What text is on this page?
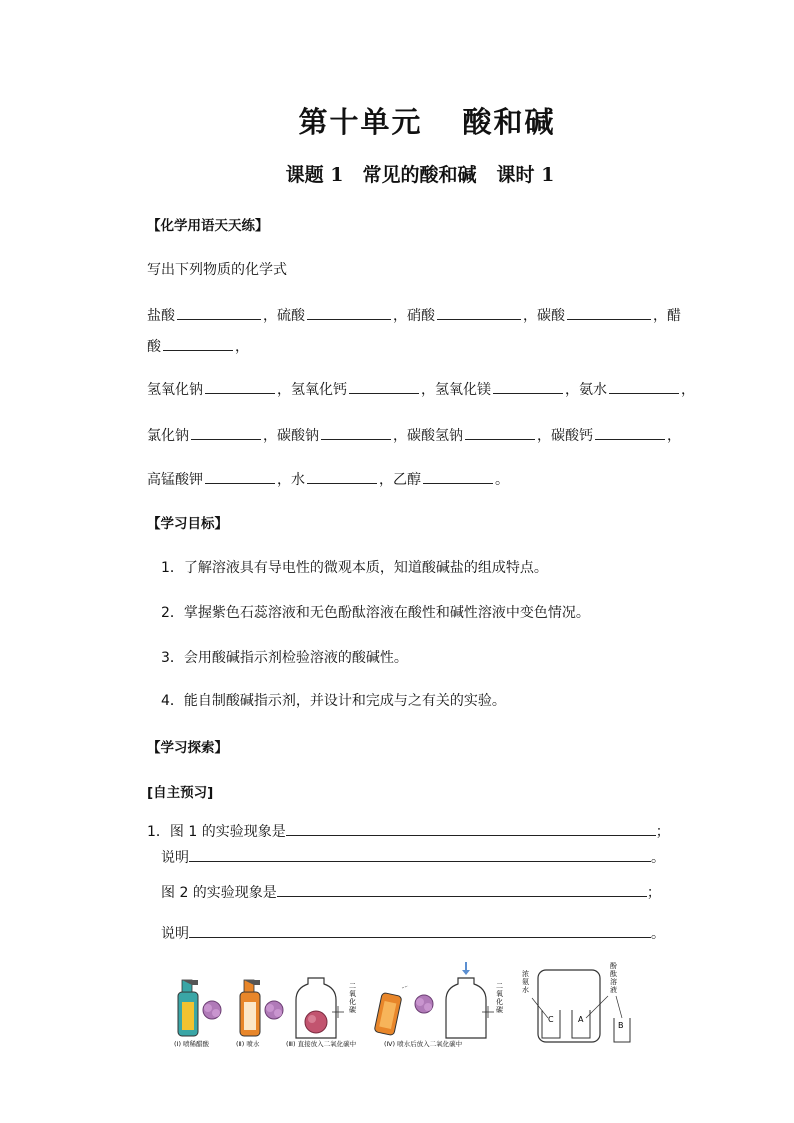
第十单元 酸和碱
课题 1　常见的酸和碱 课时 1
【化学用语天天练】
写出下列物质的化学式
盐酸	，硫酸	，硝酸	，碳酸	，醋
酸	，
氢氧化钠	，氢氧化钙	，氢氧化镁	，氨水	，
氯化钠	，碳酸钠	，碳酸氢钠	，碳酸钙	，
高锰酸钾	，水	，乙醇	。
【学习目标】
1．了解溶液具有导电性的微观本质，知道酸碱盐的组成特点。
2．掌握紫色石蕊溶液和无色酚酞溶液在酸性和碱性溶液中变色情况。
3．会用酸碱指示剂检验溶液的酸碱性。
4．能自制酸碱指示剂，并设计和完成与之有关的实验。
【学习探索】
[自主预习]
1．图 1 的实验现象是	；
说明	。
图 2 的实验现象是	；
说明	。
二氧化碳
二氧化碳
(Ⅰ) 喷稀醋酸	(Ⅱ) 喷水	(Ⅲ) 直接放入二氧化碳中	(Ⅳ) 喷水后放入二氧化碳中
C	A
B
浓氨水
酚酞溶液
